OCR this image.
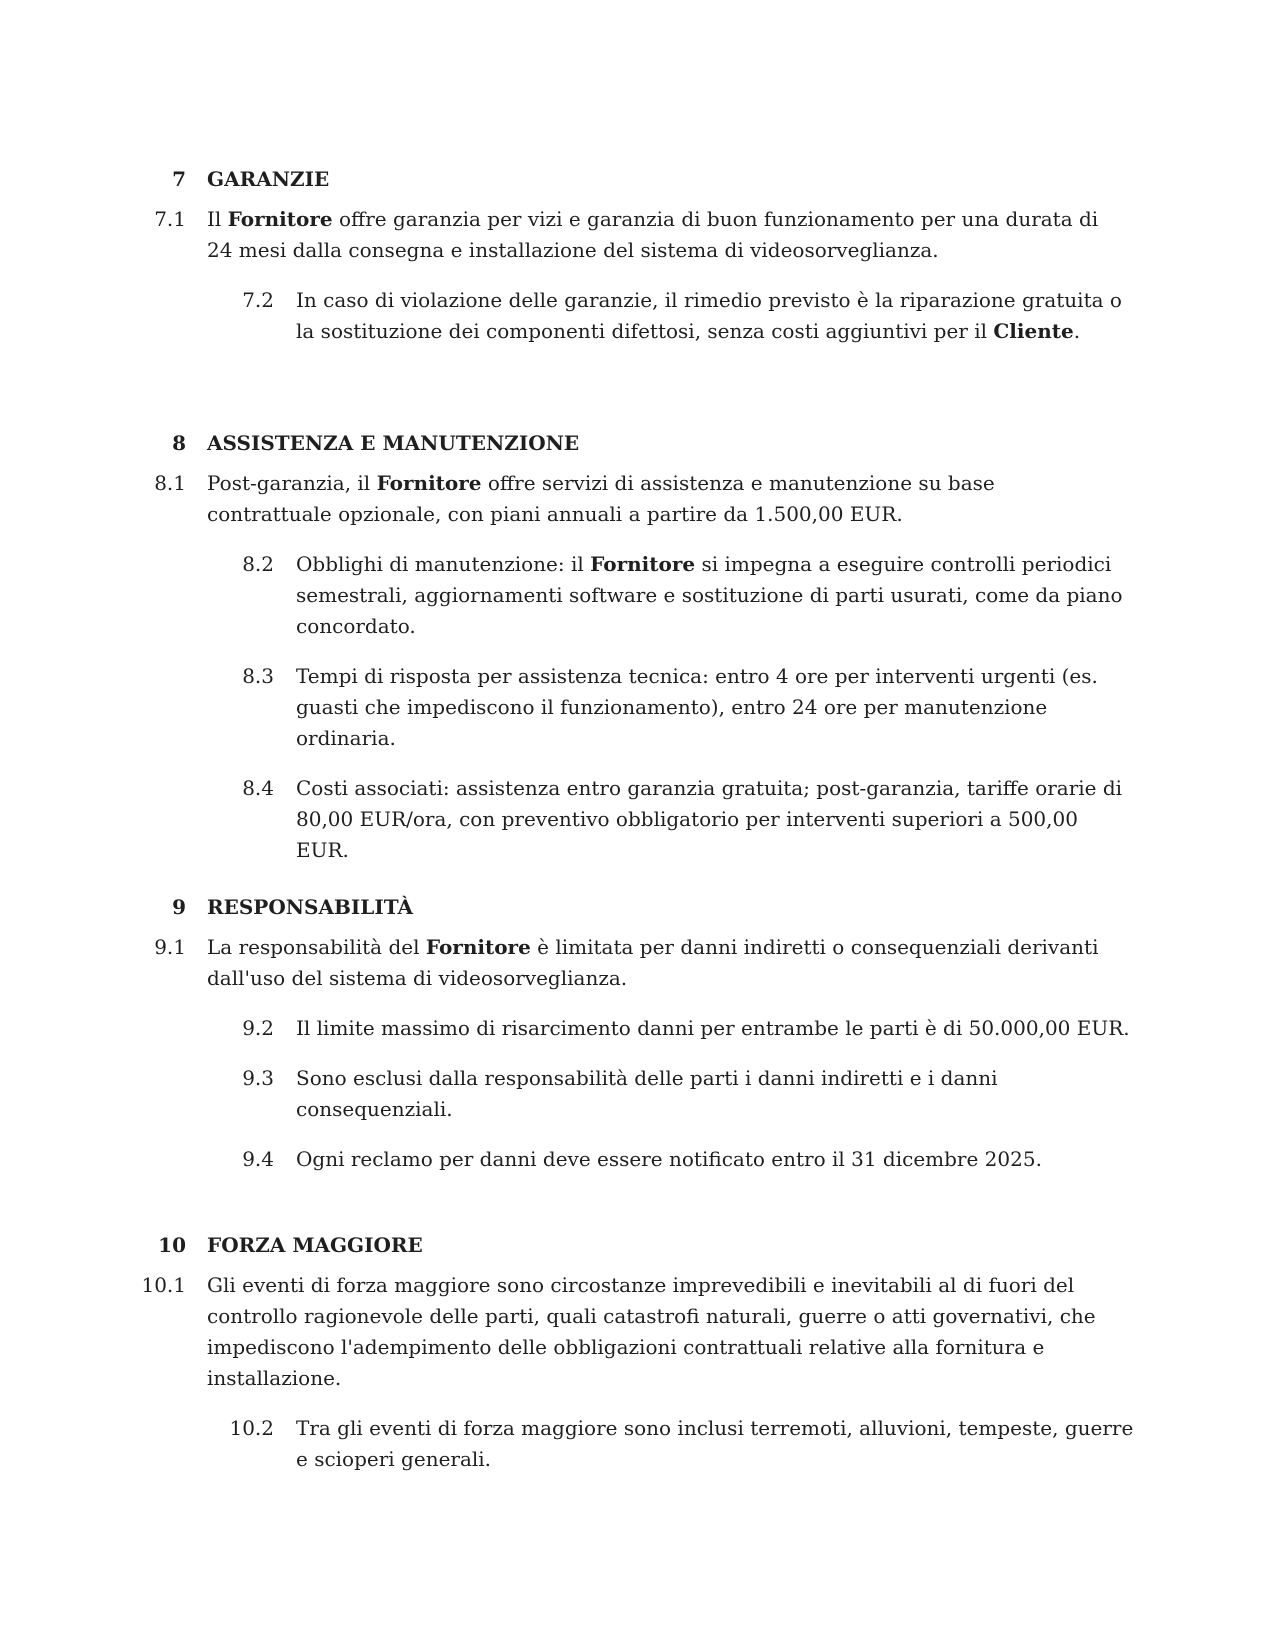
7 GARANZIE
7.1 Il Fornitore offre garanzia per vizi e garanzia di buon funzionamento per una durata di 24 mesi dalla consegna e installazione del sistema di videosorveglianza.
7.2 In caso di violazione delle garanzie, il rimedio previsto è la riparazione gratuita o la sostituzione dei componenti difettosi, senza costi aggiuntivi per il Cliente.
8 ASSISTENZA E MANUTENZIONE
8.1 Post-garanzia, il Fornitore offre servizi di assistenza e manutenzione su base contrattuale opzionale, con piani annuali a partire da 1.500,00 EUR.
8.2 Obblighi di manutenzione: il Fornitore si impegna a eseguire controlli periodici semestrali, aggiornamenti software e sostituzione di parti usurati, come da piano concordato.
8.3 Tempi di risposta per assistenza tecnica: entro 4 ore per interventi urgenti (es. guasti che impediscono il funzionamento), entro 24 ore per manutenzione ordinaria.
8.4 Costi associati: assistenza entro garanzia gratuita; post-garanzia, tariffe orarie di 80,00 EUR/ora, con preventivo obbligatorio per interventi superiori a 500,00 EUR.
9 RESPONSABILITÀ
9.1 La responsabilità del Fornitore è limitata per danni indiretti o consequenziali derivanti dall'uso del sistema di videosorveglianza.
9.2 Il limite massimo di risarcimento danni per entrambe le parti è di 50.000,00 EUR.
9.3 Sono esclusi dalla responsabilità delle parti i danni indiretti e i danni consequenziali.
9.4 Ogni reclamo per danni deve essere notificato entro il 31 dicembre 2025.
10 FORZA MAGGIORE
10.1 Gli eventi di forza maggiore sono circostanze imprevedibili e inevitabili al di fuori del controllo ragionevole delle parti, quali catastrofi naturali, guerre o atti governativi, che impediscono l'adempimento delle obbligazioni contrattuali relative alla fornitura e installazione.
10.2 Tra gli eventi di forza maggiore sono inclusi terremoti, alluvioni, tempeste, guerre e scioperi generali.
